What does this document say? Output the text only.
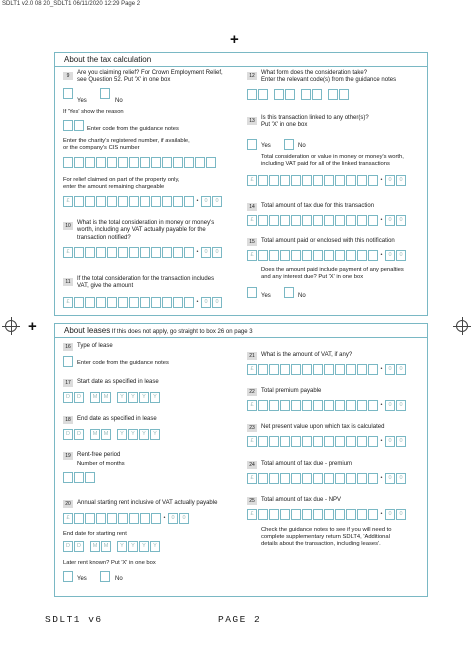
SDLT1 v2.0 08 20_SDLT1 06/11/2020 12:29 Page 2
+
+
About the tax calculation
9	Are you claiming relief? For Crown Employment Relief,
see Question 52. Put 'X' in one box
Yes	No
If 'Yes' show the reason
Enter code from the guidance notes
Enter the charity's registered number, if available,
or the company's CIS number
For relief claimed on part of the property only,
enter the amount remaining chargeable
£	•	0	0
10	What is the total consideration in money or money's
worth, including any VAT actually payable for the
transaction notified?
£	•	0	0
11	If the total consideration for the transaction includes
VAT, give the amount
£	•	0	0
12	What form does the consideration take?
Enter the relevant code(s) from the guidance notes
13	Is this transaction linked to any other(s)?
Put 'X' in one box
Yes	No
Total consideration or value in money or money's worth,
including VAT paid for all of the linked transactions
£	•	0	0
14	Total amount of tax due for this transaction
£	•	0	0
15	Total amount paid or enclosed with this notification
£	•	0	0
Does the amount paid include payment of any penalties
and any interest due? Put 'X' in one box
Yes	No
About leases If this does not apply, go straight to box 26 on page 3
16	Type of lease
Enter code from the guidance notes
17	Start date as specified in lease
D	D	M	M	Y	Y	Y	Y
18	End date as specified in lease
D	D	M	M	Y	Y	Y	Y
19	Rent-free period
Number of months
20	Annual starting rent inclusive of VAT actually payable
£	•	0	0
End date for starting rent
D	D	M	M	Y	Y	Y	Y
Later rent known? Put 'X' in one box
Yes	No
21	What is the amount of VAT, if any?
£	•	0	0
22	Total premium payable
£	•	0	0
23	Net present value upon which tax is calculated
£	•	0	0
24	Total amount of tax due - premium
£	•	0	0
25	Total amount of tax due - NPV
£	•	0	0
Check the guidance notes to see if you will need to
complete supplementary return SDLT4, 'Additional
details about the transaction, including leases'.
SDLT1 v6	PAGE 2
